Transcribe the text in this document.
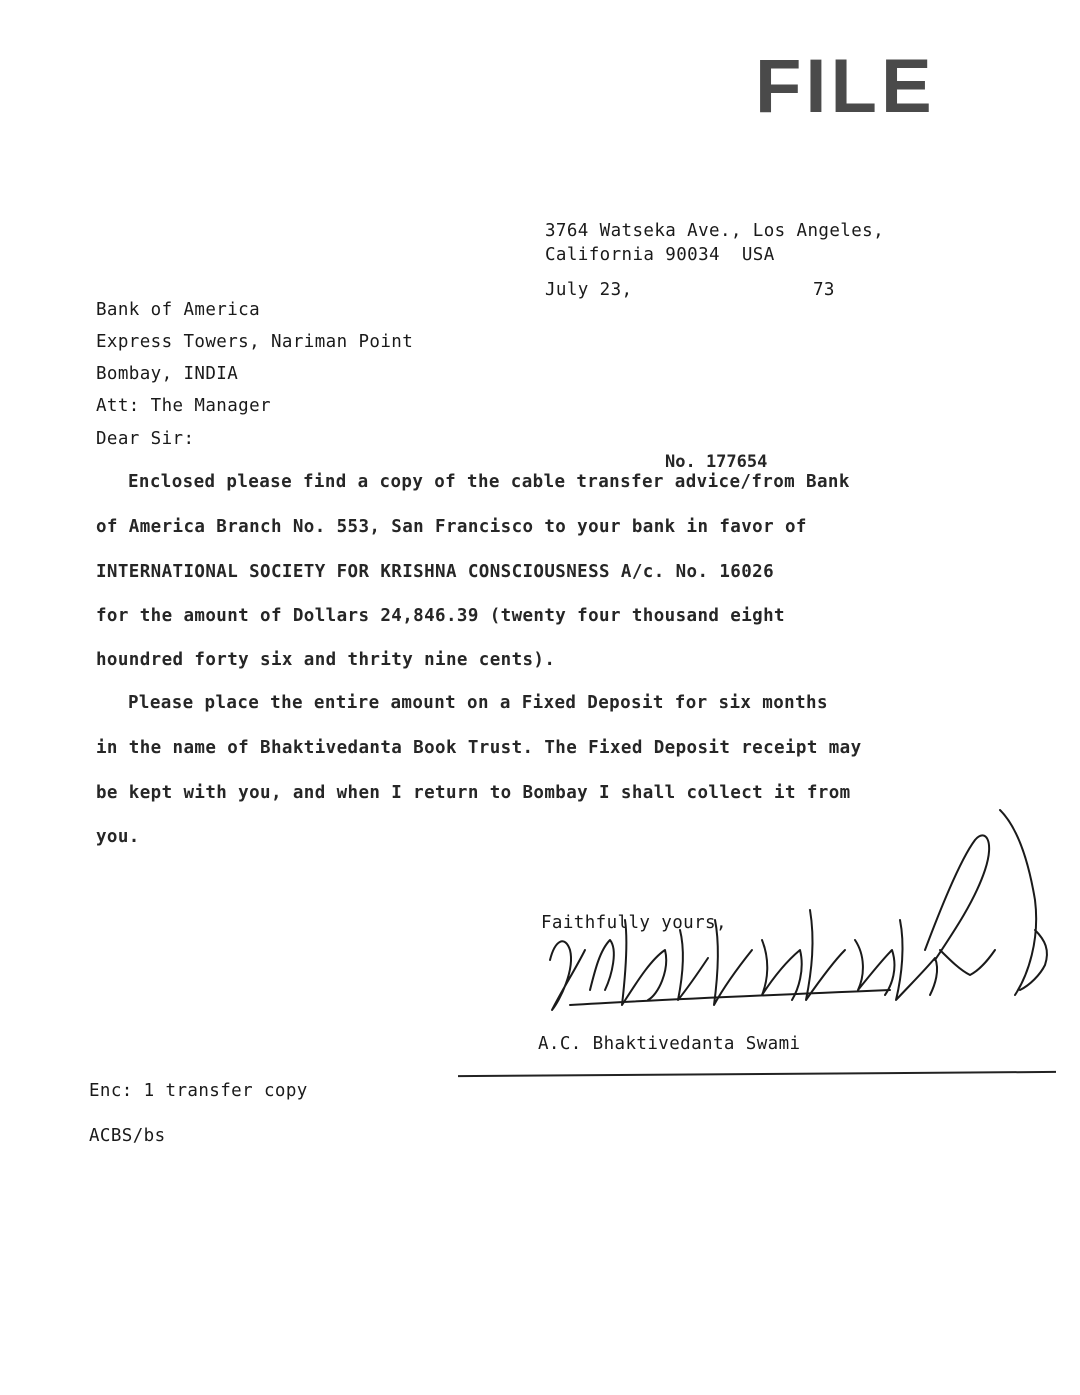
FILE
3764 Watseka Ave., Los Angeles,
California 90034  USA
July 23,	73
Bank of America
Express Towers, Nariman Point
Bombay, INDIA
Att: The Manager
Dear Sir:
No. 177654
Enclosed please find a copy of the cable transfer advice/from Bank
of America Branch No. 553, San Francisco to your bank in favor of
INTERNATIONAL SOCIETY FOR KRISHNA CONSCIOUSNESS A/c. No. 16026
for the amount of Dollars 24,846.39 (twenty four thousand eight
houndred forty six and thrity nine cents).
Please place the entire amount on a Fixed Deposit for six months
in the name of Bhaktivedanta Book Trust. The Fixed Deposit receipt may
be kept with you, and when I return to Bombay I shall collect it from
you.
Faithfully yours,
A.C. Bhaktivedanta Swami
Enc: 1 transfer copy
ACBS/bs
